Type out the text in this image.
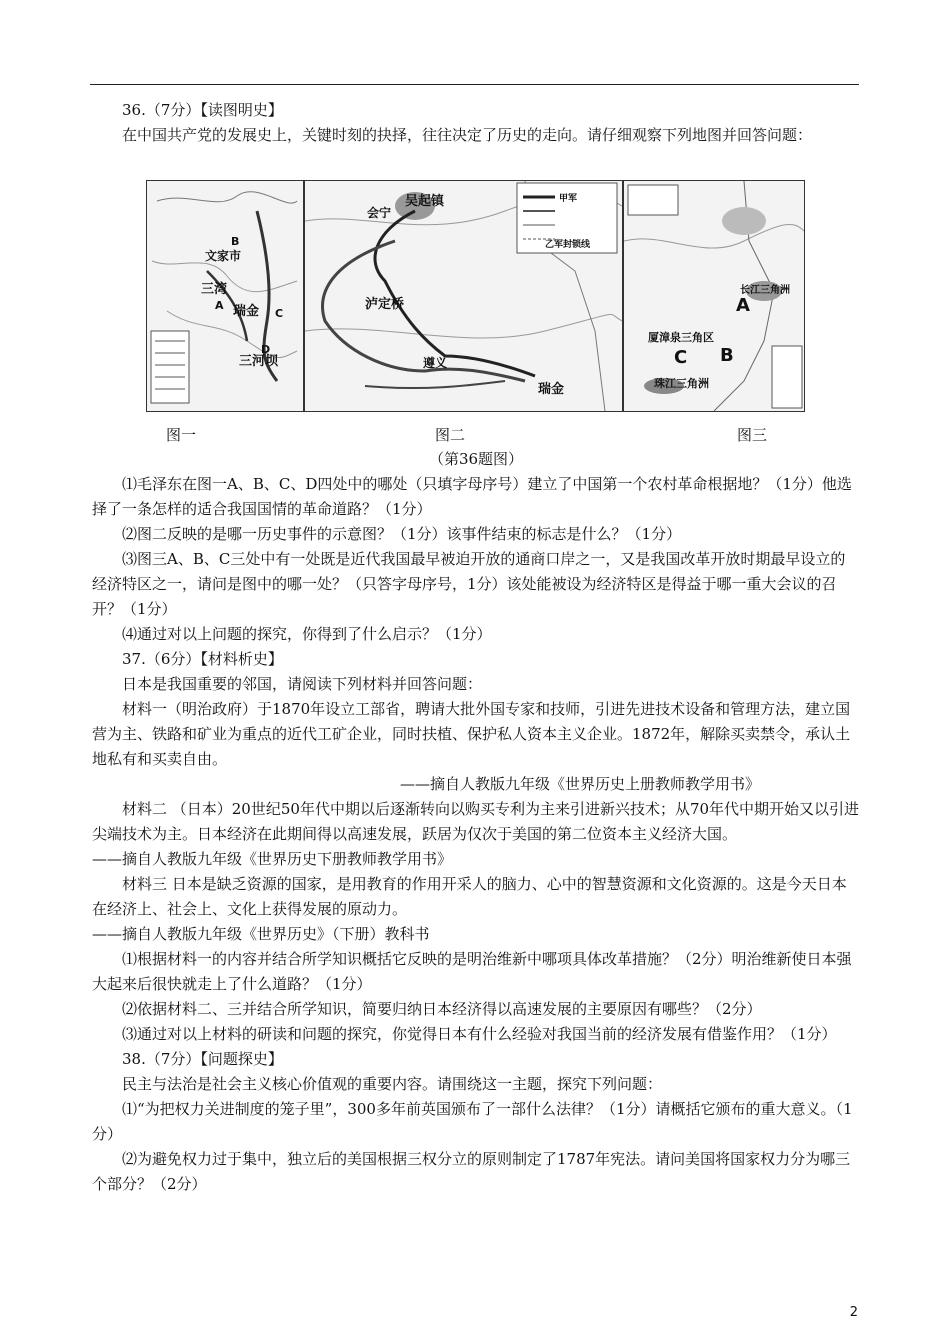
36.（7分）【读图明史】

在中国共产党的发展史上，关键时刻的抉择，往往决定了历史的走向。请仔细观察下列地图并回答问题：

B
文家市
三湾
A 瑞金 C
D
三河坝
甲军
乙军封锁线
吴起镇
会宁
泸定桥
遵义
瑞金
长江三角洲
A
厦漳泉三角区
C B
珠江三角洲
图一	图二	图三

（第36题图）

⑴毛泽东在图一A、B、C、D四处中的哪处（只填字母序号）建立了中国第一个农村革命根据地？（1分）他选择了一条怎样的适合我国国情的革命道路？（1分）

⑵图二反映的是哪一历史事件的示意图？（1分）该事件结束的标志是什么？（1分）

⑶图三A、B、C三处中有一处既是近代我国最早被迫开放的通商口岸之一，又是我国改革开放时期最早设立的经济特区之一，请问是图中的哪一处？（只答字母序号，1分）该处能被设为经济特区是得益于哪一重大会议的召开？（1分）

⑷通过对以上问题的探究，你得到了什么启示？（1分）

37.（6分）【材料析史】

日本是我国重要的邻国，请阅读下列材料并回答问题：

材料一（明治政府）于1870年设立工部省，聘请大批外国专家和技师，引进先进技术设备和管理方法，建立国营为主、铁路和矿业为重点的近代工矿企业，同时扶植、保护私人资本主义企业。1872年，解除买卖禁令，承认土地私有和买卖自由。

——摘自人教版九年级《世界历史上册教师教学用书》

材料二 （日本）20世纪50年代中期以后逐渐转向以购买专利为主来引进新兴技术；从70年代中期开始又以引进尖端技术为主。日本经济在此期间得以高速发展，跃居为仅次于美国的第二位资本主义经济大国。

——摘自人教版九年级《世界历史下册教师教学用书》

材料三 日本是缺乏资源的国家，是用教育的作用开采人的脑力、心中的智慧资源和文化资源的。这是今天日本在经济上、社会上、文化上获得发展的原动力。

——摘自人教版九年级《世界历史》（下册）教科书

⑴根据材料一的内容并结合所学知识概括它反映的是明治维新中哪项具体改革措施？（2分）明治维新使日本强大起来后很快就走上了什么道路？（1分）

⑵依据材料二、三并结合所学知识，简要归纳日本经济得以高速发展的主要原因有哪些？（2分）

⑶通过对以上材料的研读和问题的探究，你觉得日本有什么经验对我国当前的经济发展有借鉴作用？（1分）

38.（7分）【问题探史】

民主与法治是社会主义核心价值观的重要内容。请围绕这一主题，探究下列问题：

⑴“为把权力关进制度的笼子里”，300多年前英国颁布了一部什么法律？（1分）请概括它颁布的重大意义。（1分）

⑵为避免权力过于集中，独立后的美国根据三权分立的原则制定了1787年宪法。请问美国将国家权力分为哪三个部分？（2分）

2
